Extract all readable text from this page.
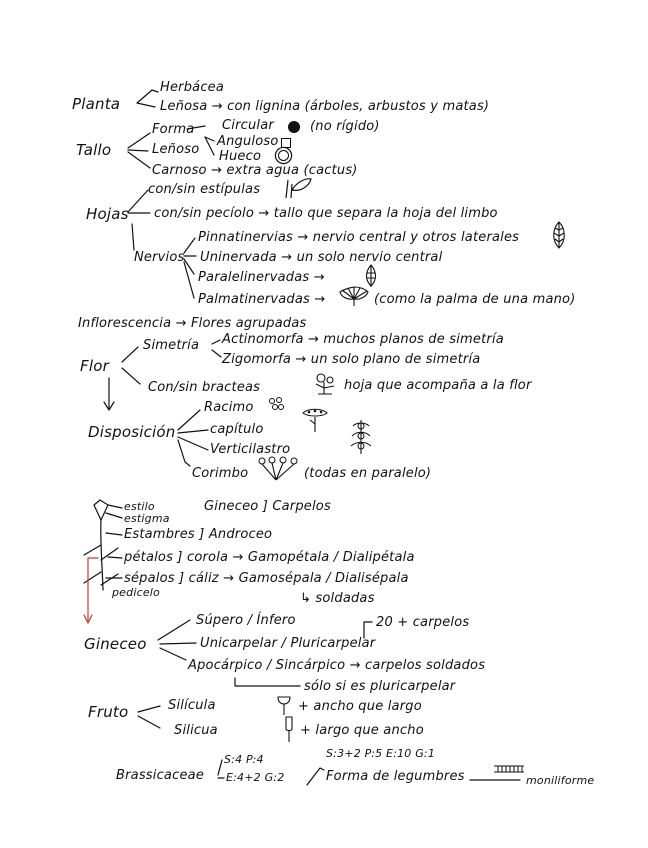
Planta
Herbácea
Leñosa → con lignina (árboles, arbustos y matas)
Tallo
Forma Circular	(no rígido)
Anguloso
Leñoso Hueco
Carnoso → extra agua (cactus)
Hojas
con/sin estípulas
con/sin pecíolo → tallo que separa la hoja del limbo
Nervios
Pinnatinervias → nervio central y otros laterales
Uninervada → un solo nervio central
Paralelinervadas →
Palmatinervadas →	(como la palma de una mano)
Inflorescencia → Flores agrupadas
Flor
Simetría Actinomorfa → muchos planos de simetría
Zigomorfa → un solo plano de simetría
Con/sin bracteas	hoja que acompaña a la flor
Disposición
Racimo
capítulo
Verticilastro
Corimbo	(todas en paralelo)
estilo	Gineceo ] Carpelos
estigma
Estambres ] Androceo
pétalos ] corola → Gamopétala / Dialipétala
sépalos ] cáliz → Gamosépala / Dialisépala
↳ soldadas
pedicelo
Gineceo
Súpero / Ínfero	20 + carpelos
Unicarpelar / Pluricarpelar
Apocárpico / Sincárpico → carpelos soldados
sólo si es pluricarpelar
Fruto	Silícula	+ ancho que largo
Silicua	+ largo que ancho
Brassicaceae
S:4 P:4
E:4+2 G:2
S:3+2 P:5 E:10 G:1
Forma de legumbres	moniliforme
